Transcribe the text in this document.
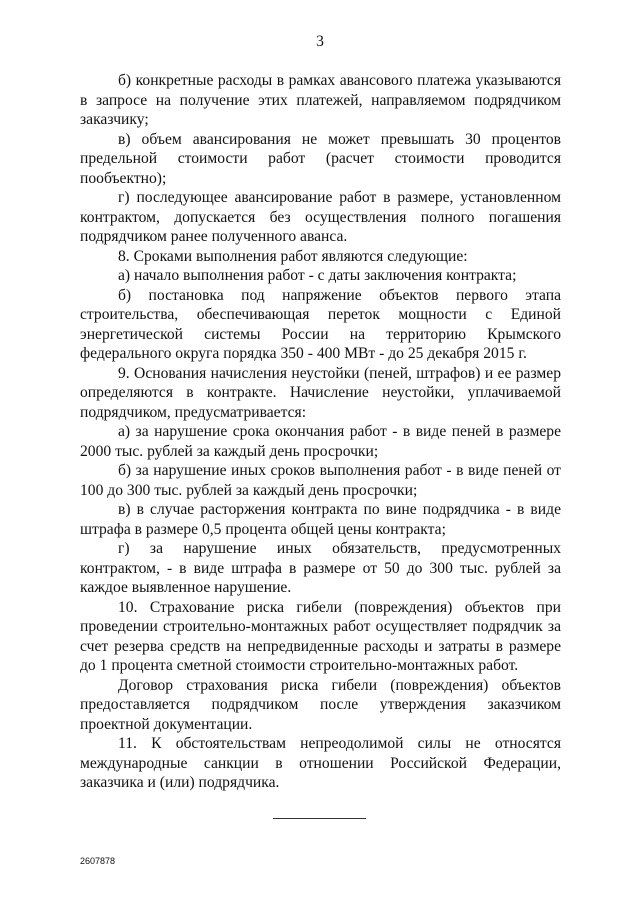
3

б) конкретные расходы в рамках авансового платежа указываются в запросе на получение этих платежей, направляемом подрядчиком заказчику;

в) объем авансирования не может превышать 30 процентов предельной стоимости работ (расчет стоимости проводится пообъектно);

г) последующее авансирование работ в размере, установленном контрактом, допускается без осуществления полного погашения подрядчиком ранее полученного аванса.

8. Сроками выполнения работ являются следующие:

а) начало выполнения работ - с даты заключения контракта;

б) постановка под напряжение объектов первого этапа строительства, обеспечивающая переток мощности с Единой энергетической системы России на территорию Крымского федерального округа порядка 350 - 400 МВт - до 25 декабря 2015 г.

9. Основания начисления неустойки (пеней, штрафов) и ее размер определяются в контракте. Начисление неустойки, уплачиваемой подрядчиком, предусматривается:

а) за нарушение срока окончания работ - в виде пеней в размере 2000 тыс. рублей за каждый день просрочки;

б) за нарушение иных сроков выполнения работ - в виде пеней от 100 до 300 тыс. рублей за каждый день просрочки;

в) в случае расторжения контракта по вине подрядчика - в виде штрафа в размере 0,5 процента общей цены контракта;

г) за нарушение иных обязательств, предусмотренных контрактом, - в виде штрафа в размере от 50 до 300 тыс. рублей за каждое выявленное нарушение.

10. Страхование риска гибели (повреждения) объектов при проведении строительно-монтажных работ осуществляет подрядчик за счет резерва средств на непредвиденные расходы и затраты в размере до 1 процента сметной стоимости строительно-монтажных работ.

Договор страхования риска гибели (повреждения) объектов предоставляется подрядчиком после утверждения заказчиком проектной документации.

11. К обстоятельствам непреодолимой силы не относятся международные санкции в отношении Российской Федерации, заказчика и (или) подрядчика.

2607878
